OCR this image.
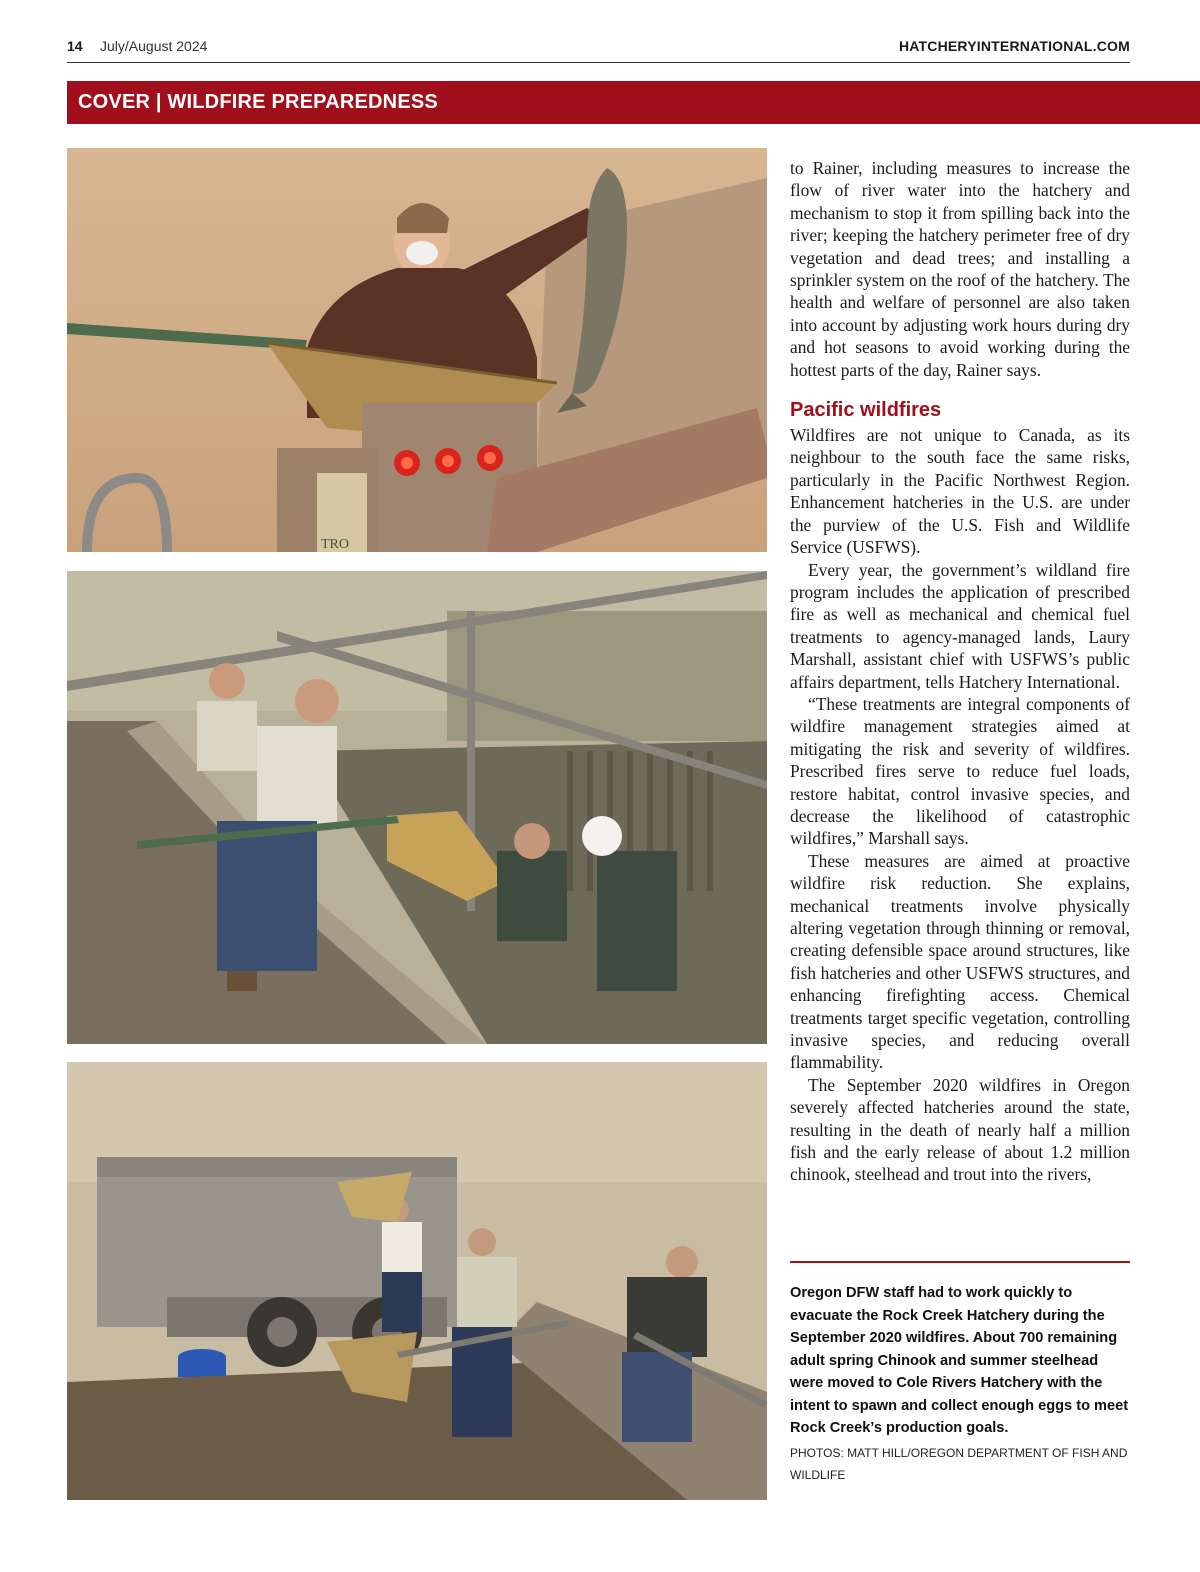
14 July/August 2024	HATCHERYINTERNATIONAL.COM
COVER | WILDFIRE PREPAREDNESS
TRO

to Rainer, including measures to increase the flow of river water into the hatchery and mechanism to stop it from spilling back into the river; keeping the hatchery perimeter free of dry vegetation and dead trees; and installing a sprinkler system on the roof of the hatchery. The health and welfare of personnel are also taken into account by adjusting work hours during dry and hot seasons to avoid working during the hottest parts of the day, Rainer says.

Pacific wildfires

Wildfires are not unique to Canada, as its neighbour to the south face the same risks, particularly in the Pacific Northwest Region. Enhancement hatcheries in the U.S. are under the purview of the U.S. Fish and Wildlife Service (USFWS).

Every year, the government’s wildland fire program includes the application of prescribed fire as well as mechanical and chemical fuel treatments to agency-managed lands, Laury Marshall, assistant chief with USFWS’s public affairs department, tells Hatchery International.

“These treatments are integral components of wildfire management strategies aimed at mitigating the risk and severity of wildfires. Prescribed fires serve to reduce fuel loads, restore habitat, control invasive species, and decrease the likelihood of catastrophic wildfires,” Marshall says.

These measures are aimed at proactive wildfire risk reduction. She explains, mechanical treatments involve physically altering vegetation through thinning or removal, creating defensible space around structures, like fish hatcheries and other USFWS structures, and enhancing firefighting access. Chemical treatments target specific vegetation, controlling invasive species, and reducing overall flammability.

The September 2020 wildfires in Oregon severely affected hatcheries around the state, resulting in the death of nearly half a million fish and the early release of about 1.2 million chinook, steelhead and trout into the rivers,

Oregon DFW staff had to work quickly to evacuate the Rock Creek Hatchery during the September 2020 wildfires. About 700 remaining adult spring Chinook and summer steelhead were moved to Cole Rivers Hatchery with the intent to spawn and collect enough eggs to meet Rock Creek’s production goals.
PHOTOS: MATT HILL/OREGON DEPARTMENT OF FISH AND WILDLIFE
